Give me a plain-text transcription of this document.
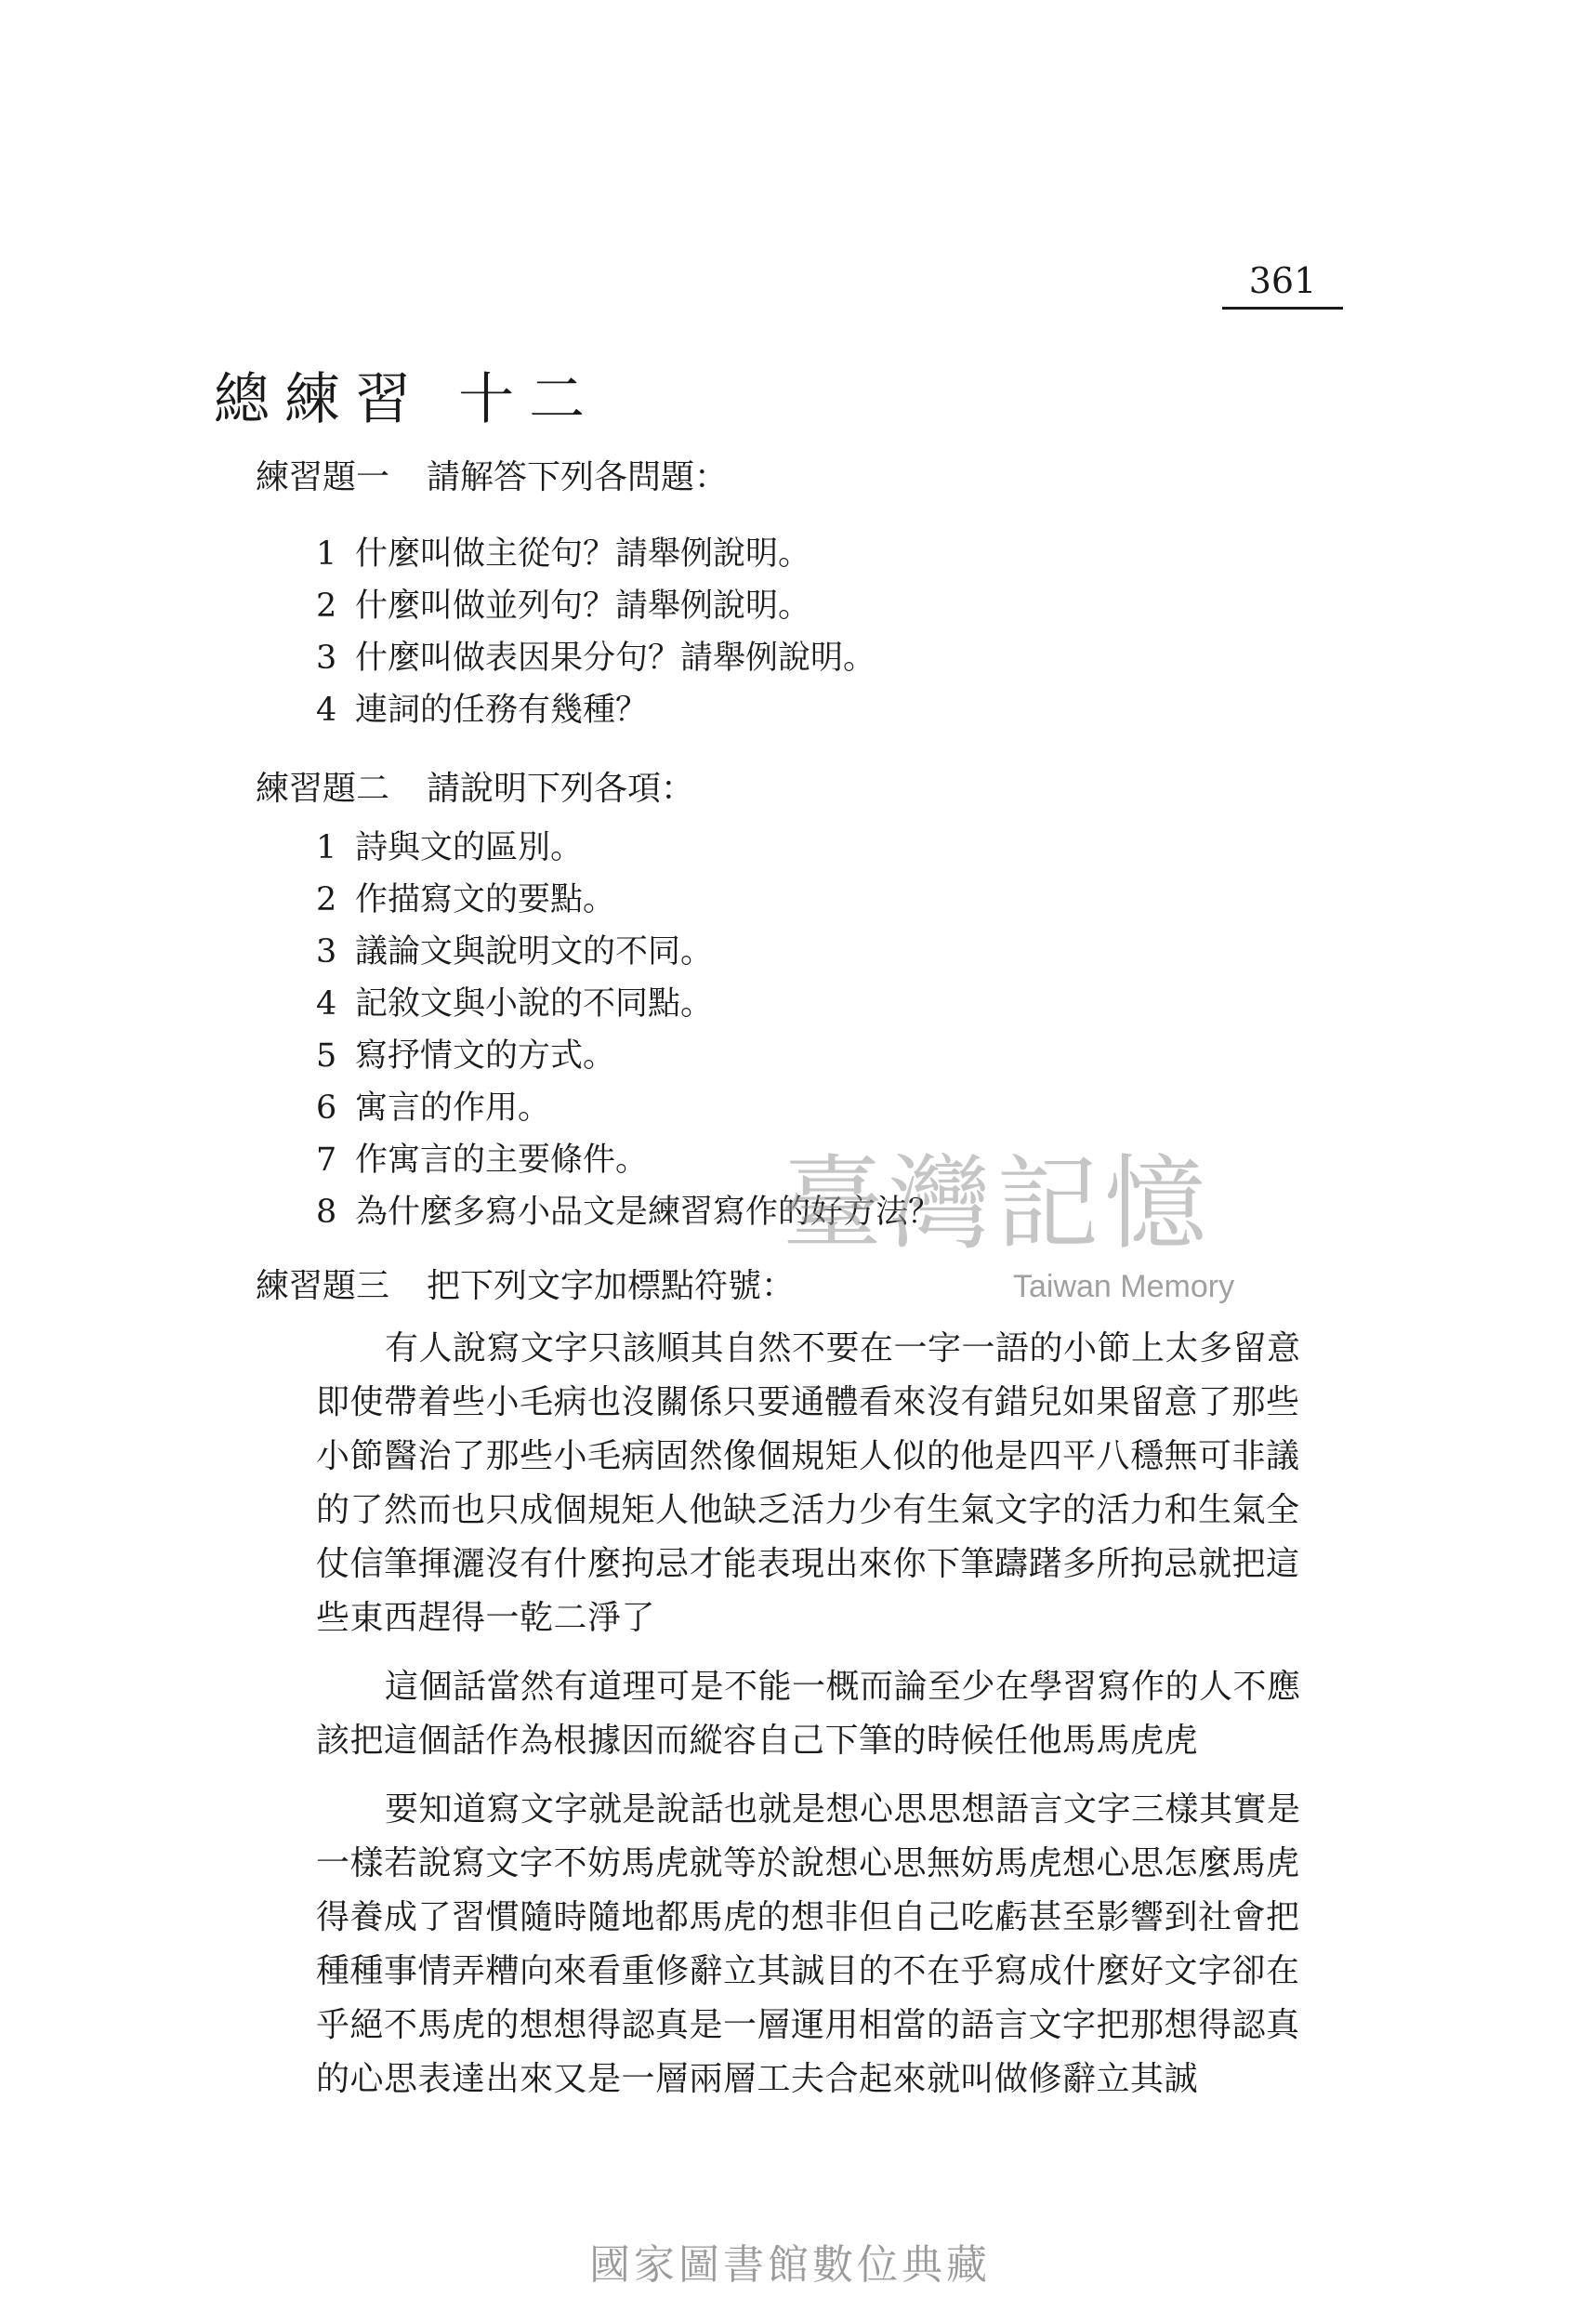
361
總練習 十二
練習題一 請解答下列各問題：
1 什麼叫做主從句？請舉例說明。
2 什麼叫做並列句？請舉例說明。
3 什麼叫做表因果分句？請舉例說明。
4 連詞的任務有幾種？
練習題二 請說明下列各項：
1 詩與文的區別。
2 作描寫文的要點。
3 議論文與說明文的不同。
4 記敘文與小說的不同點。
5 寫抒情文的方式。
6 寓言的作用。
7 作寓言的主要條件。
8 為什麼多寫小品文是練習寫作的好方法？
臺灣記憶
Taiwan Memory
練習題三 把下列文字加標點符號：
有人說寫文字只該順其自然不要在一字一語的小節上太多留意
即使帶着些小毛病也沒關係只要通體看來沒有錯兒如果留意了那些
小節醫治了那些小毛病固然像個規矩人似的他是四平八穩無可非議
的了然而也只成個規矩人他缺乏活力少有生氣文字的活力和生氣全
仗信筆揮灑沒有什麼拘忌才能表現出來你下筆躊躇多所拘忌就把這
些東西趕得一乾二淨了
這個話當然有道理可是不能一概而論至少在學習寫作的人不應
該把這個話作為根據因而縱容自己下筆的時候任他馬馬虎虎
要知道寫文字就是說話也就是想心思思想語言文字三樣其實是
一樣若說寫文字不妨馬虎就等於說想心思無妨馬虎想心思怎麼馬虎
得養成了習慣隨時隨地都馬虎的想非但自己吃虧甚至影響到社會把
種種事情弄糟向來看重修辭立其誠目的不在乎寫成什麼好文字卻在
乎絕不馬虎的想想得認真是一層運用相當的語言文字把那想得認真
的心思表達出來又是一層兩層工夫合起來就叫做修辭立其誠
國家圖書館數位典藏
